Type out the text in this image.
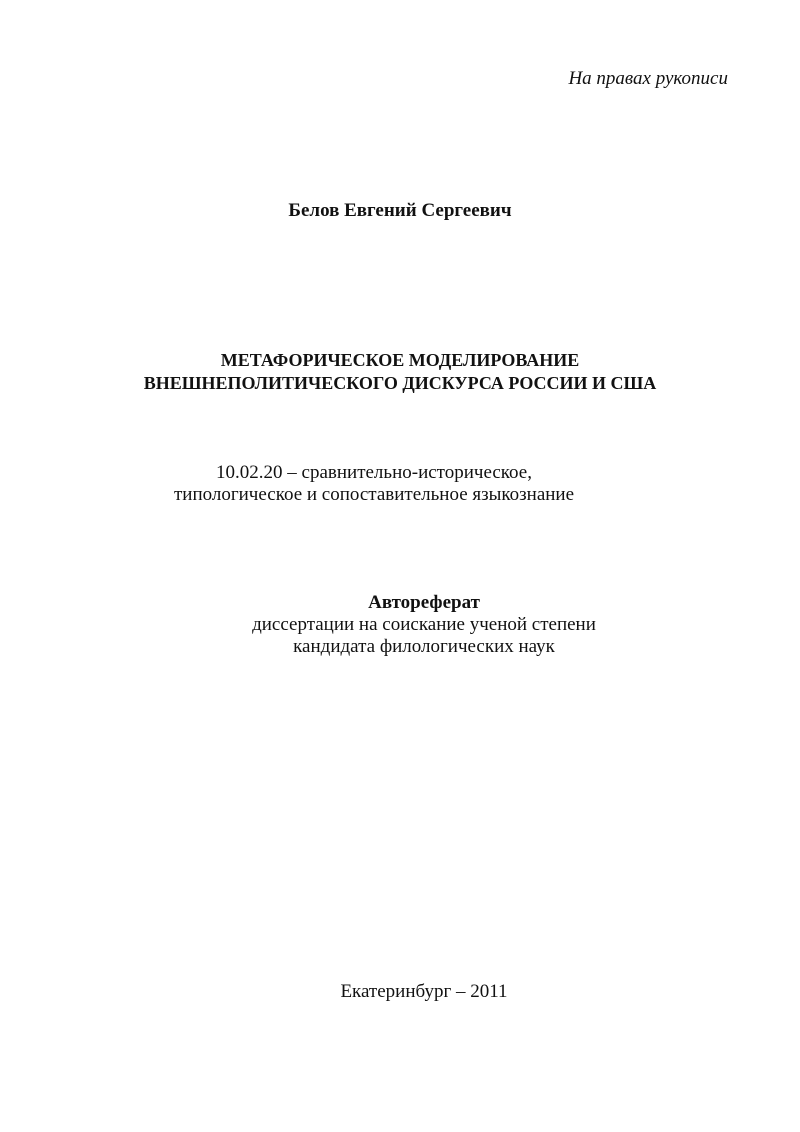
На правах рукописи
Белов Евгений Сергеевич
МЕТАФОРИЧЕСКОЕ МОДЕЛИРОВАНИЕ
ВНЕШНЕПОЛИТИЧЕСКОГО ДИСКУРСА РОССИИ И США
10.02.20 – сравнительно-историческое,
типологическое и сопоставительное языкознание
Автореферат
диссертации на соискание ученой степени
кандидата филологических наук
Екатеринбург – 2011
